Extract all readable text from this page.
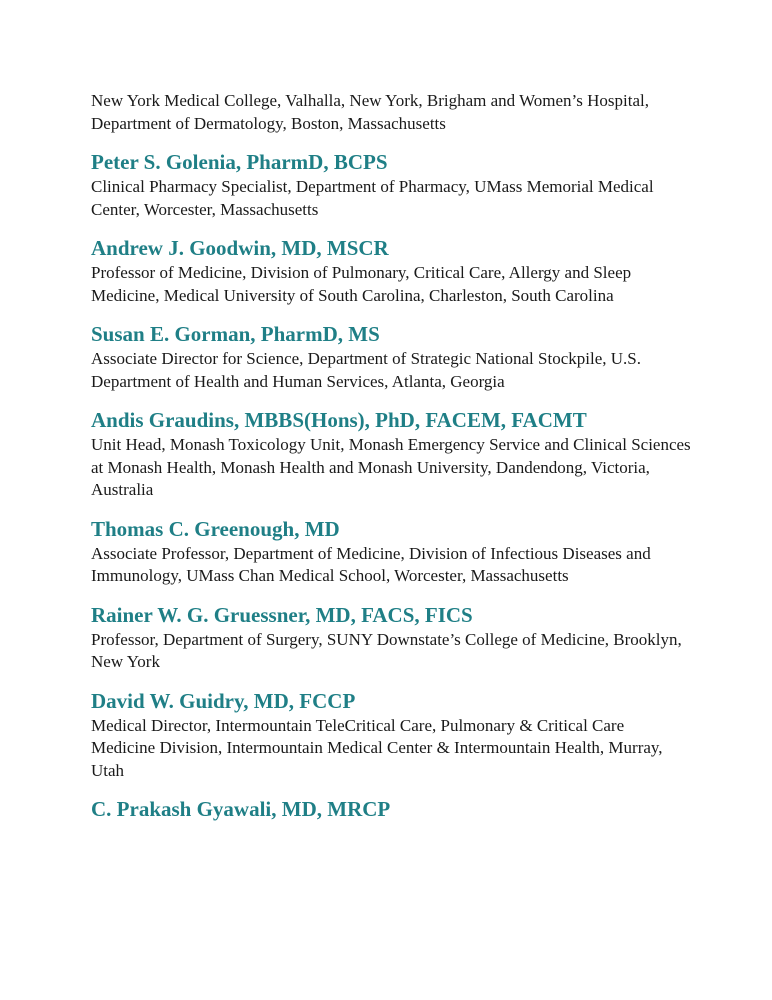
New York Medical College, Valhalla, New York, Brigham and Women’s Hospital, Department of Dermatology, Boston, Massachusetts

Peter S. Golenia, PharmD, BCPS

Clinical Pharmacy Specialist, Department of Pharmacy, UMass Memorial Medical Center, Worcester, Massachusetts

Andrew J. Goodwin, MD, MSCR

Professor of Medicine, Division of Pulmonary, Critical Care, Allergy and Sleep Medicine, Medical University of South Carolina, Charleston, South Carolina

Susan E. Gorman, PharmD, MS

Associate Director for Science, Department of Strategic National Stockpile, U.S. Department of Health and Human Services, Atlanta, Georgia

Andis Graudins, MBBS(Hons), PhD, FACEM, FACMT

Unit Head, Monash Toxicology Unit, Monash Emergency Service and Clinical Sciences at Monash Health, Monash Health and Monash University, Dandendong, Victoria, Australia

Thomas C. Greenough, MD

Associate Professor, Department of Medicine, Division of Infectious Diseases and Immunology, UMass Chan Medical School, Worcester, Massachusetts

Rainer W. G. Gruessner, MD, FACS, FICS

Professor, Department of Surgery, SUNY Downstate’s College of Medicine, Brooklyn, New York

David W. Guidry, MD, FCCP

Medical Director, Intermountain TeleCritical Care, Pulmonary & Critical Care Medicine Division, Intermountain Medical Center & Intermountain Health, Murray, Utah

C. Prakash Gyawali, MD, MRCP
